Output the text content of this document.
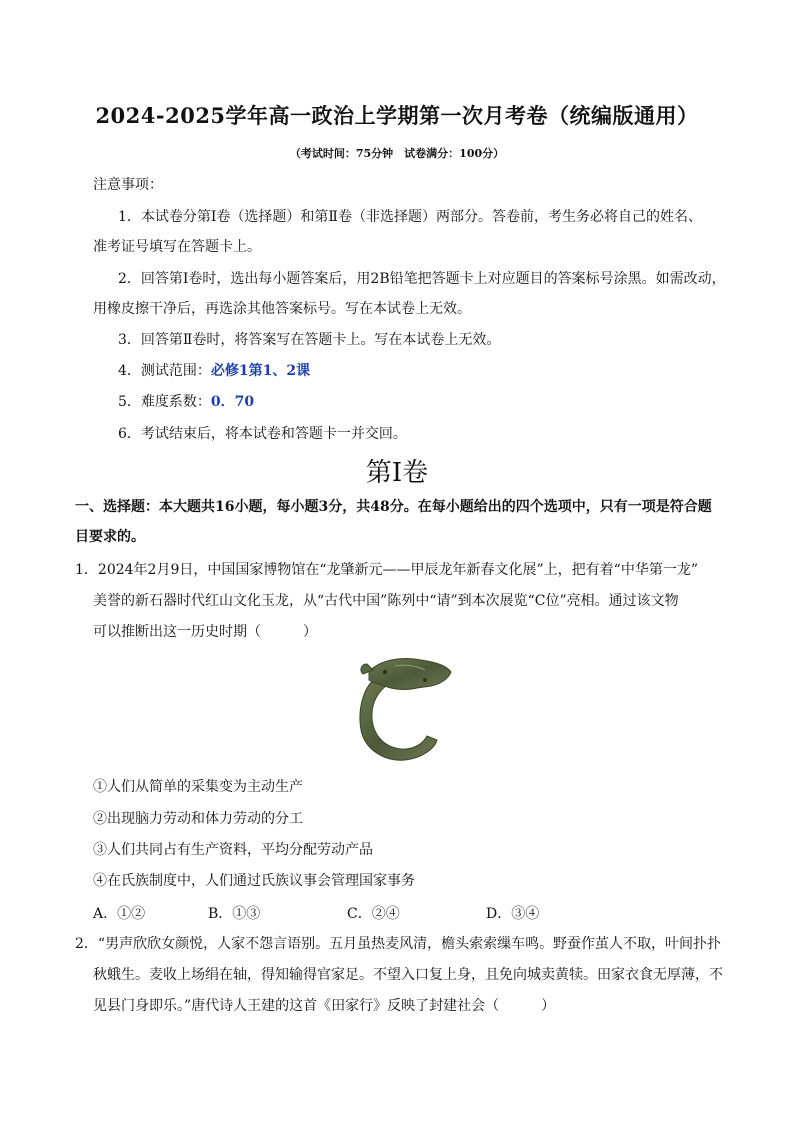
2024-2025学年高一政治上学期第一次月考卷（统编版通用）
（考试时间：75分钟　试卷满分：100分）
注意事项：
1．本试卷分第Ⅰ卷（选择题）和第Ⅱ卷（非选择题）两部分。答卷前，考生务必将自己的姓名、
准考证号填写在答题卡上。
2．回答第Ⅰ卷时，选出每小题答案后，用2B铅笔把答题卡上对应题目的答案标号涂黑。如需改动，
用橡皮擦干净后，再选涂其他答案标号。写在本试卷上无效。
3．回答第Ⅱ卷时，将答案写在答题卡上。写在本试卷上无效。
4．测试范围：必修1第1、2课
5．难度系数：0．70
6．考试结束后，将本试卷和答题卡一并交回。
第Ⅰ卷
一、选择题：本大题共16小题，每小题3分，共48分。在每小题给出的四个选项中，只有一项是符合题
目要求的。
1．2024年2月9日，中国国家博物馆在“龙肇新元——甲辰龙年新春文化展”上，把有着“中华第一龙”
美誉的新石器时代红山文化玉龙，从“古代中国”陈列中“请”到本次展览“C位”亮相。通过该文物
可以推断出这一历史时期（　　　）
①人们从简单的采集变为主动生产
②出现脑力劳动和体力劳动的分工
③人们共同占有生产资料，平均分配劳动产品
④在氏族制度中，人们通过氏族议事会管理国家事务
A．①②	B．①③	C．②④	D．③④
2．“男声欣欣女颜悦，人家不怨言语别。五月虽热麦风清，檐头索索缫车鸣。野蚕作茧人不取，叶间扑扑
秋蛾生。麦收上场绢在轴，得知输得官家足。不望入口复上身，且免向城卖黄犊。田家衣食无厚薄，不
见县门身即乐。”唐代诗人王建的这首《田家行》反映了封建社会（　　　）
